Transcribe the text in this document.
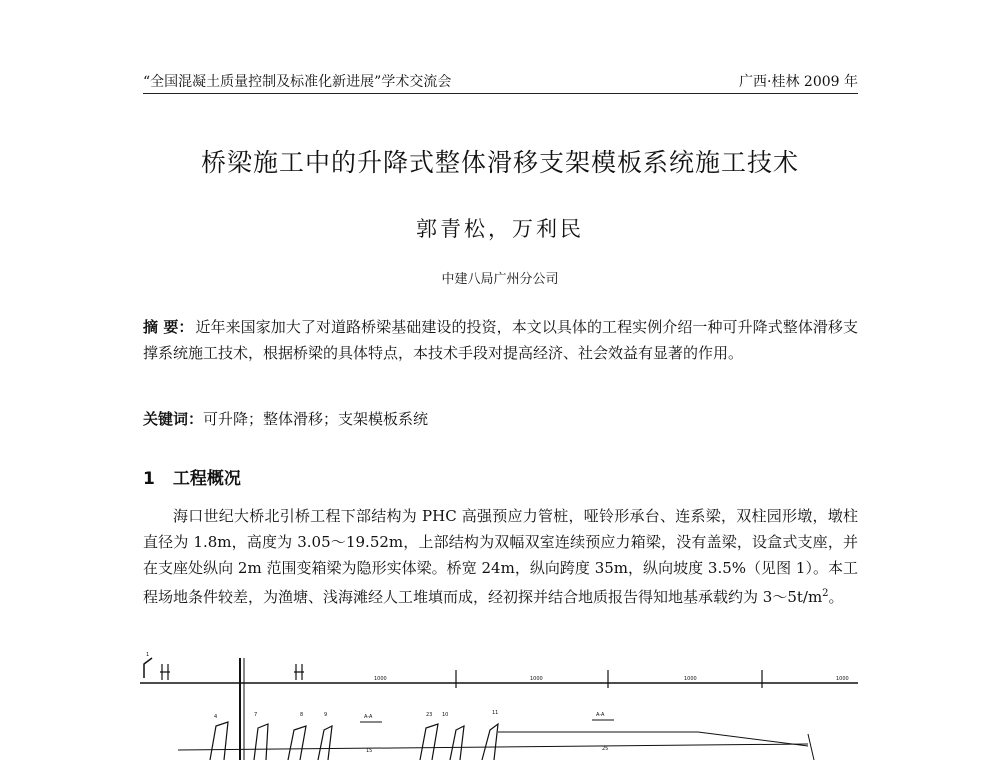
“全国混凝土质量控制及标准化新进展”学术交流会	广西·桂林 2009 年
桥梁施工中的升降式整体滑移支架模板系统施工技术
郭青松，万利民
中建八局广州分公司
摘 要： 近年来国家加大了对道路桥梁基础建设的投资，本文以具体的工程实例介绍一种可升降式整体滑移支撑系统施工技术，根据桥梁的具体特点，本技术手段对提高经济、社会效益有显著的作用。
关键词：可升降；整体滑移；支架模板系统
1 工程概况
海口世纪大桥北引桥工程下部结构为 PHC 高强预应力管桩，哑铃形承台、连系梁，双柱园形墩，墩柱直径为 1.8m，高度为 3.05～19.52m，上部结构为双幅双室连续预应力箱梁，没有盖梁，设盒式支座，并在支座处纵向 2m 范围变箱梁为隐形实体梁。桥宽 24m，纵向跨度 35m，纵向坡度 3.5%（见图 1）。本工程场地条件较差，为渔塘、浅海滩经人工堆填而成，经初探并结合地质报告得知地基承载约为 $3\sim 5t/m^2$。
1
4	7	8	9	A-A	23 10	11	A-A
15	25
1000	1000	1000	1000
